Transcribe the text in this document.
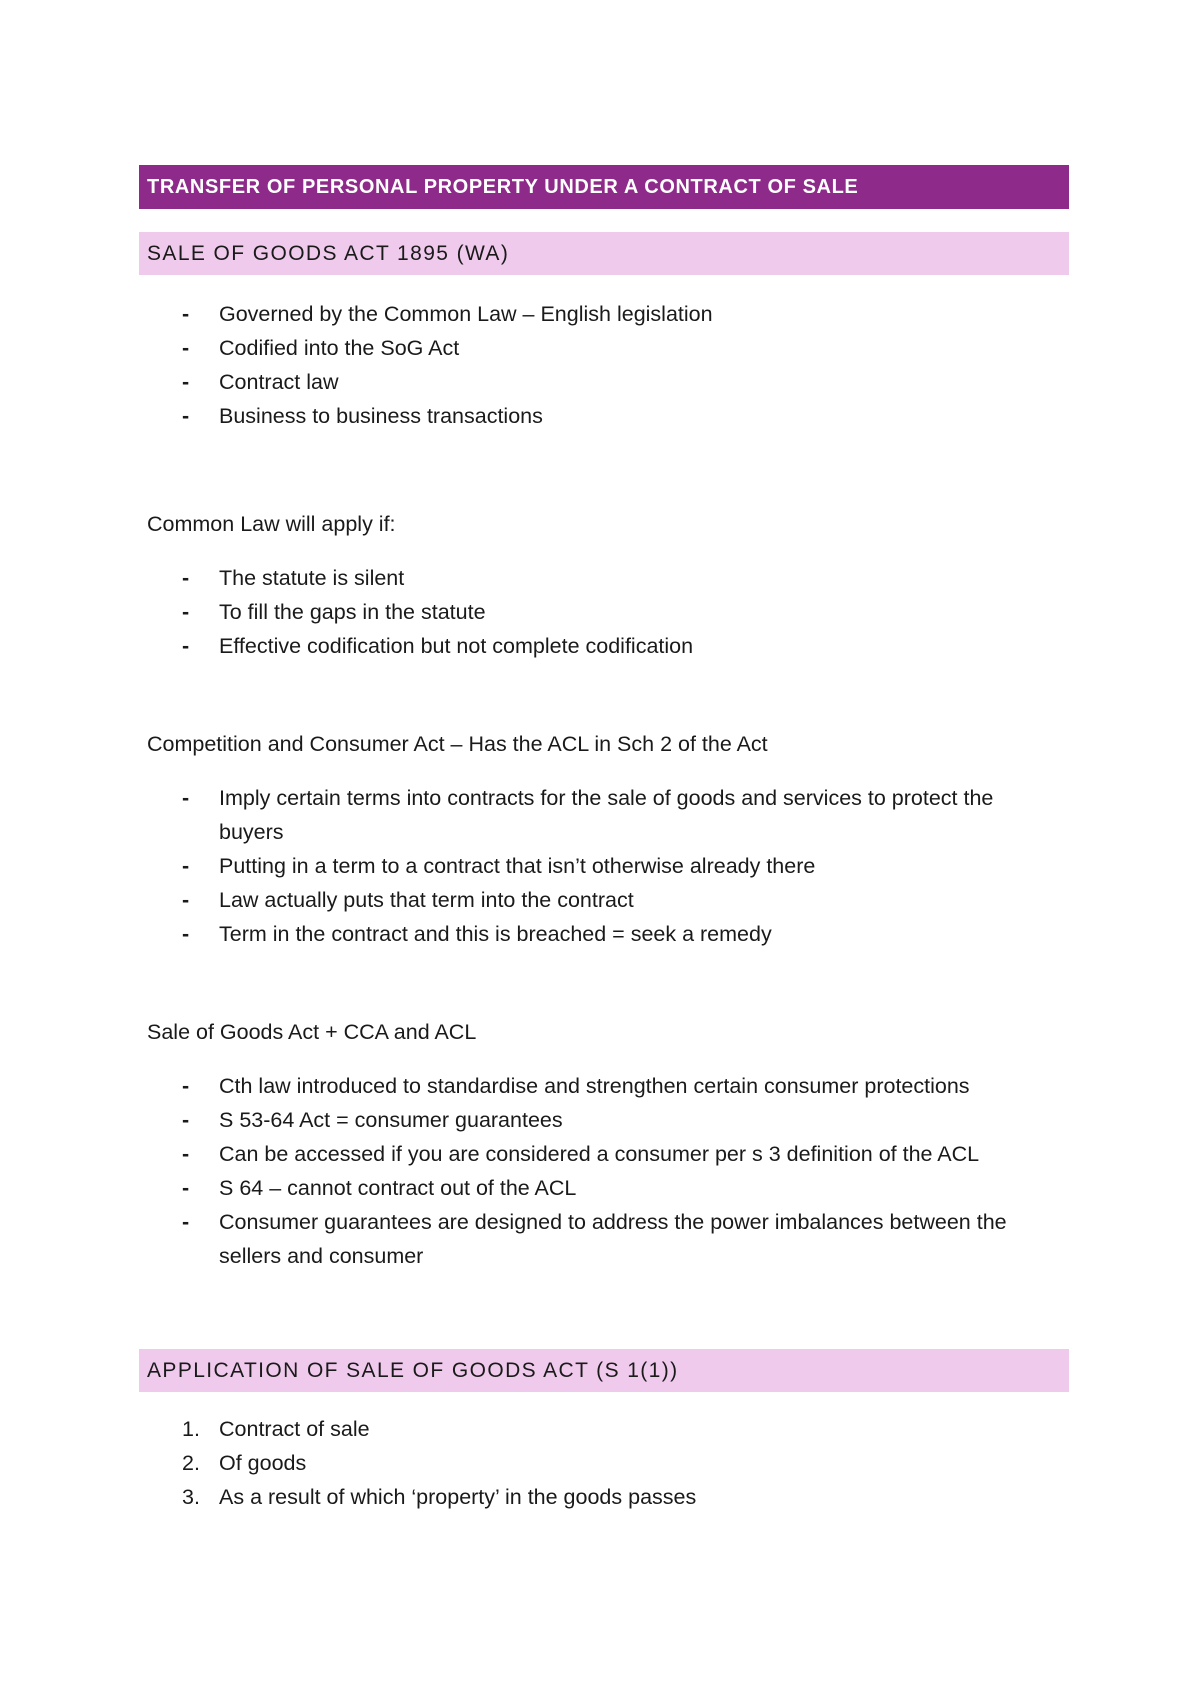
TRANSFER OF PERSONAL PROPERTY UNDER A CONTRACT OF SALE
SALE OF GOODS ACT 1895 (WA)
- Governed by the Common Law – English legislation
- Codified into the SoG Act
- Contract law
- Business to business transactions
Common Law will apply if:
- The statute is silent
- To fill the gaps in the statute
- Effective codification but not complete codification
Competition and Consumer Act – Has the ACL in Sch 2 of the Act
- Imply certain terms into contracts for the sale of goods and services to protect the buyers
- Putting in a term to a contract that isn’t otherwise already there
- Law actually puts that term into the contract
- Term in the contract and this is breached = seek a remedy
Sale of Goods Act + CCA and ACL
- Cth law introduced to standardise and strengthen certain consumer protections
- S 53-64 Act = consumer guarantees
- Can be accessed if you are considered a consumer per s 3 definition of the ACL
- S 64 – cannot contract out of the ACL
- Consumer guarantees are designed to address the power imbalances between the sellers and consumer
APPLICATION OF SALE OF GOODS ACT (S 1(1))
1. Contract of sale
2. Of goods
3. As a result of which ‘property’ in the goods passes
